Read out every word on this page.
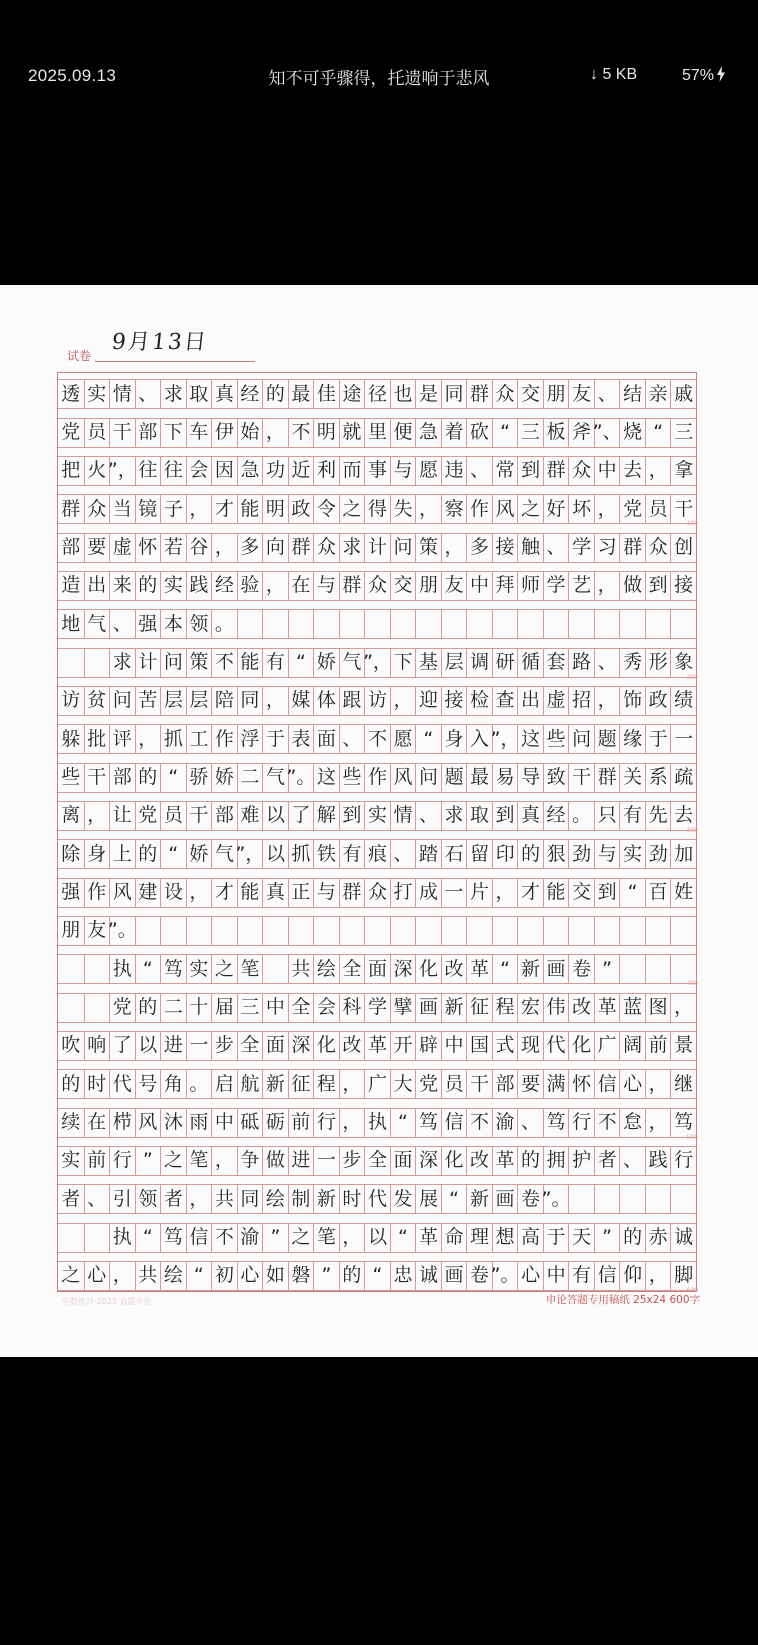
2025.09.13	知不可乎骤得，托遗响于悲风	↓ 5 KB	57%
试卷
9月13日
透 实 情 、 求 取 真 经 的 最 佳 途 径 也 是 同 群 众 交 朋 友 、 结 亲 戚
党 员 干 部 下 车 伊 始 ， 不 明 就 里 便 急 着 砍 “ 三 板 斧 ”、 烧 “ 三
把 火 ”， 往 往 会 因 急 功 近 利 而 事 与 愿 违 、 常 到 群 众 中 去 ， 拿
群 众 当 镜 子 ， 才 能 明 政 令 之 得 失 ， 察 作 风 之 好 坏 ， 党 员 干
100
部 要 虚 怀 若 谷 ， 多 向 群 众 求 计 问 策 ， 多 接 触 、 学 习 群 众 创
造 出 来 的 实 践 经 验 ， 在 与 群 众 交 朋 友 中 拜 师 学 艺 ， 做 到 接
地 气 、 强 本 领 。
求 计 问 策 不 能 有 “ 娇 气 ”， 下 基 层 调 研 循 套 路 、 秀 形 象
200
访 贫 问 苦 层 层 陪 同 ， 媒 体 跟 访 ， 迎 接 检 查 出 虚 招 ， 饰 政 绩
躲 批 评 ， 抓 工 作 浮 于 表 面 、 不 愿 “ 身 入 ”， 这 些 问 题 缘 于 一
些 干 部 的 “ 骄 娇 二 气 ”。 这 些 作 风 问 题 最 易 导 致 干 群 关 系 疏
离 ， 让 党 员 干 部 难 以 了 解 到 实 情 、 求 取 到 真 经 。 只 有 先 去
300
除 身 上 的 “ 娇 气 ”， 以 抓 铁 有 痕 、 踏 石 留 印 的 狠 劲 与 实 劲 加
强 作 风 建 设 ， 才 能 真 正 与 群 众 打 成 一 片 ， 才 能 交 到 “ 百 姓
朋 友 ”。
执 “ 笃 实 之 笔 共 绘 全 面 深 化 改 革 “ 新 画 卷 ”
400
党 的 二 十 届 三 中 全 会 科 学 擘 画 新 征 程 宏 伟 改 革 蓝 图 ，
吹 响 了 以 进 一 步 全 面 深 化 改 革 开 辟 中 国 式 现 代 化 广 阔 前 景
的 时 代 号 角 。 启 航 新 征 程 ， 广 大 党 员 干 部 要 满 怀 信 心 ， 继
续 在 栉 风 沐 雨 中 砥 砺 前 行 ， 执 “ 笃 信 不 渝 、 笃 行 不 怠 ， 笃
500
实 前 行 ” 之 笔 ， 争 做 进 一 步 全 面 深 化 改 革 的 拥 护 者 、 践 行
者 、 引 领 者 ， 共 同 绘 制 新 时 代 发 展 “ 新 画 卷 ”。
执 “ 笃 信 不 渝 ” 之 笔 ， 以 “ 革 命 理 想 高 于 天 ” 的 赤 诚
之 心 ， 共 绘 “ 初 心 如 磐 ” 的 “ 忠 诚 画 卷 ”。 心 中 有 信 仰 ， 脚
600
字数统计·2025·真题专用	申论答题专用稿纸 25x24 600字
